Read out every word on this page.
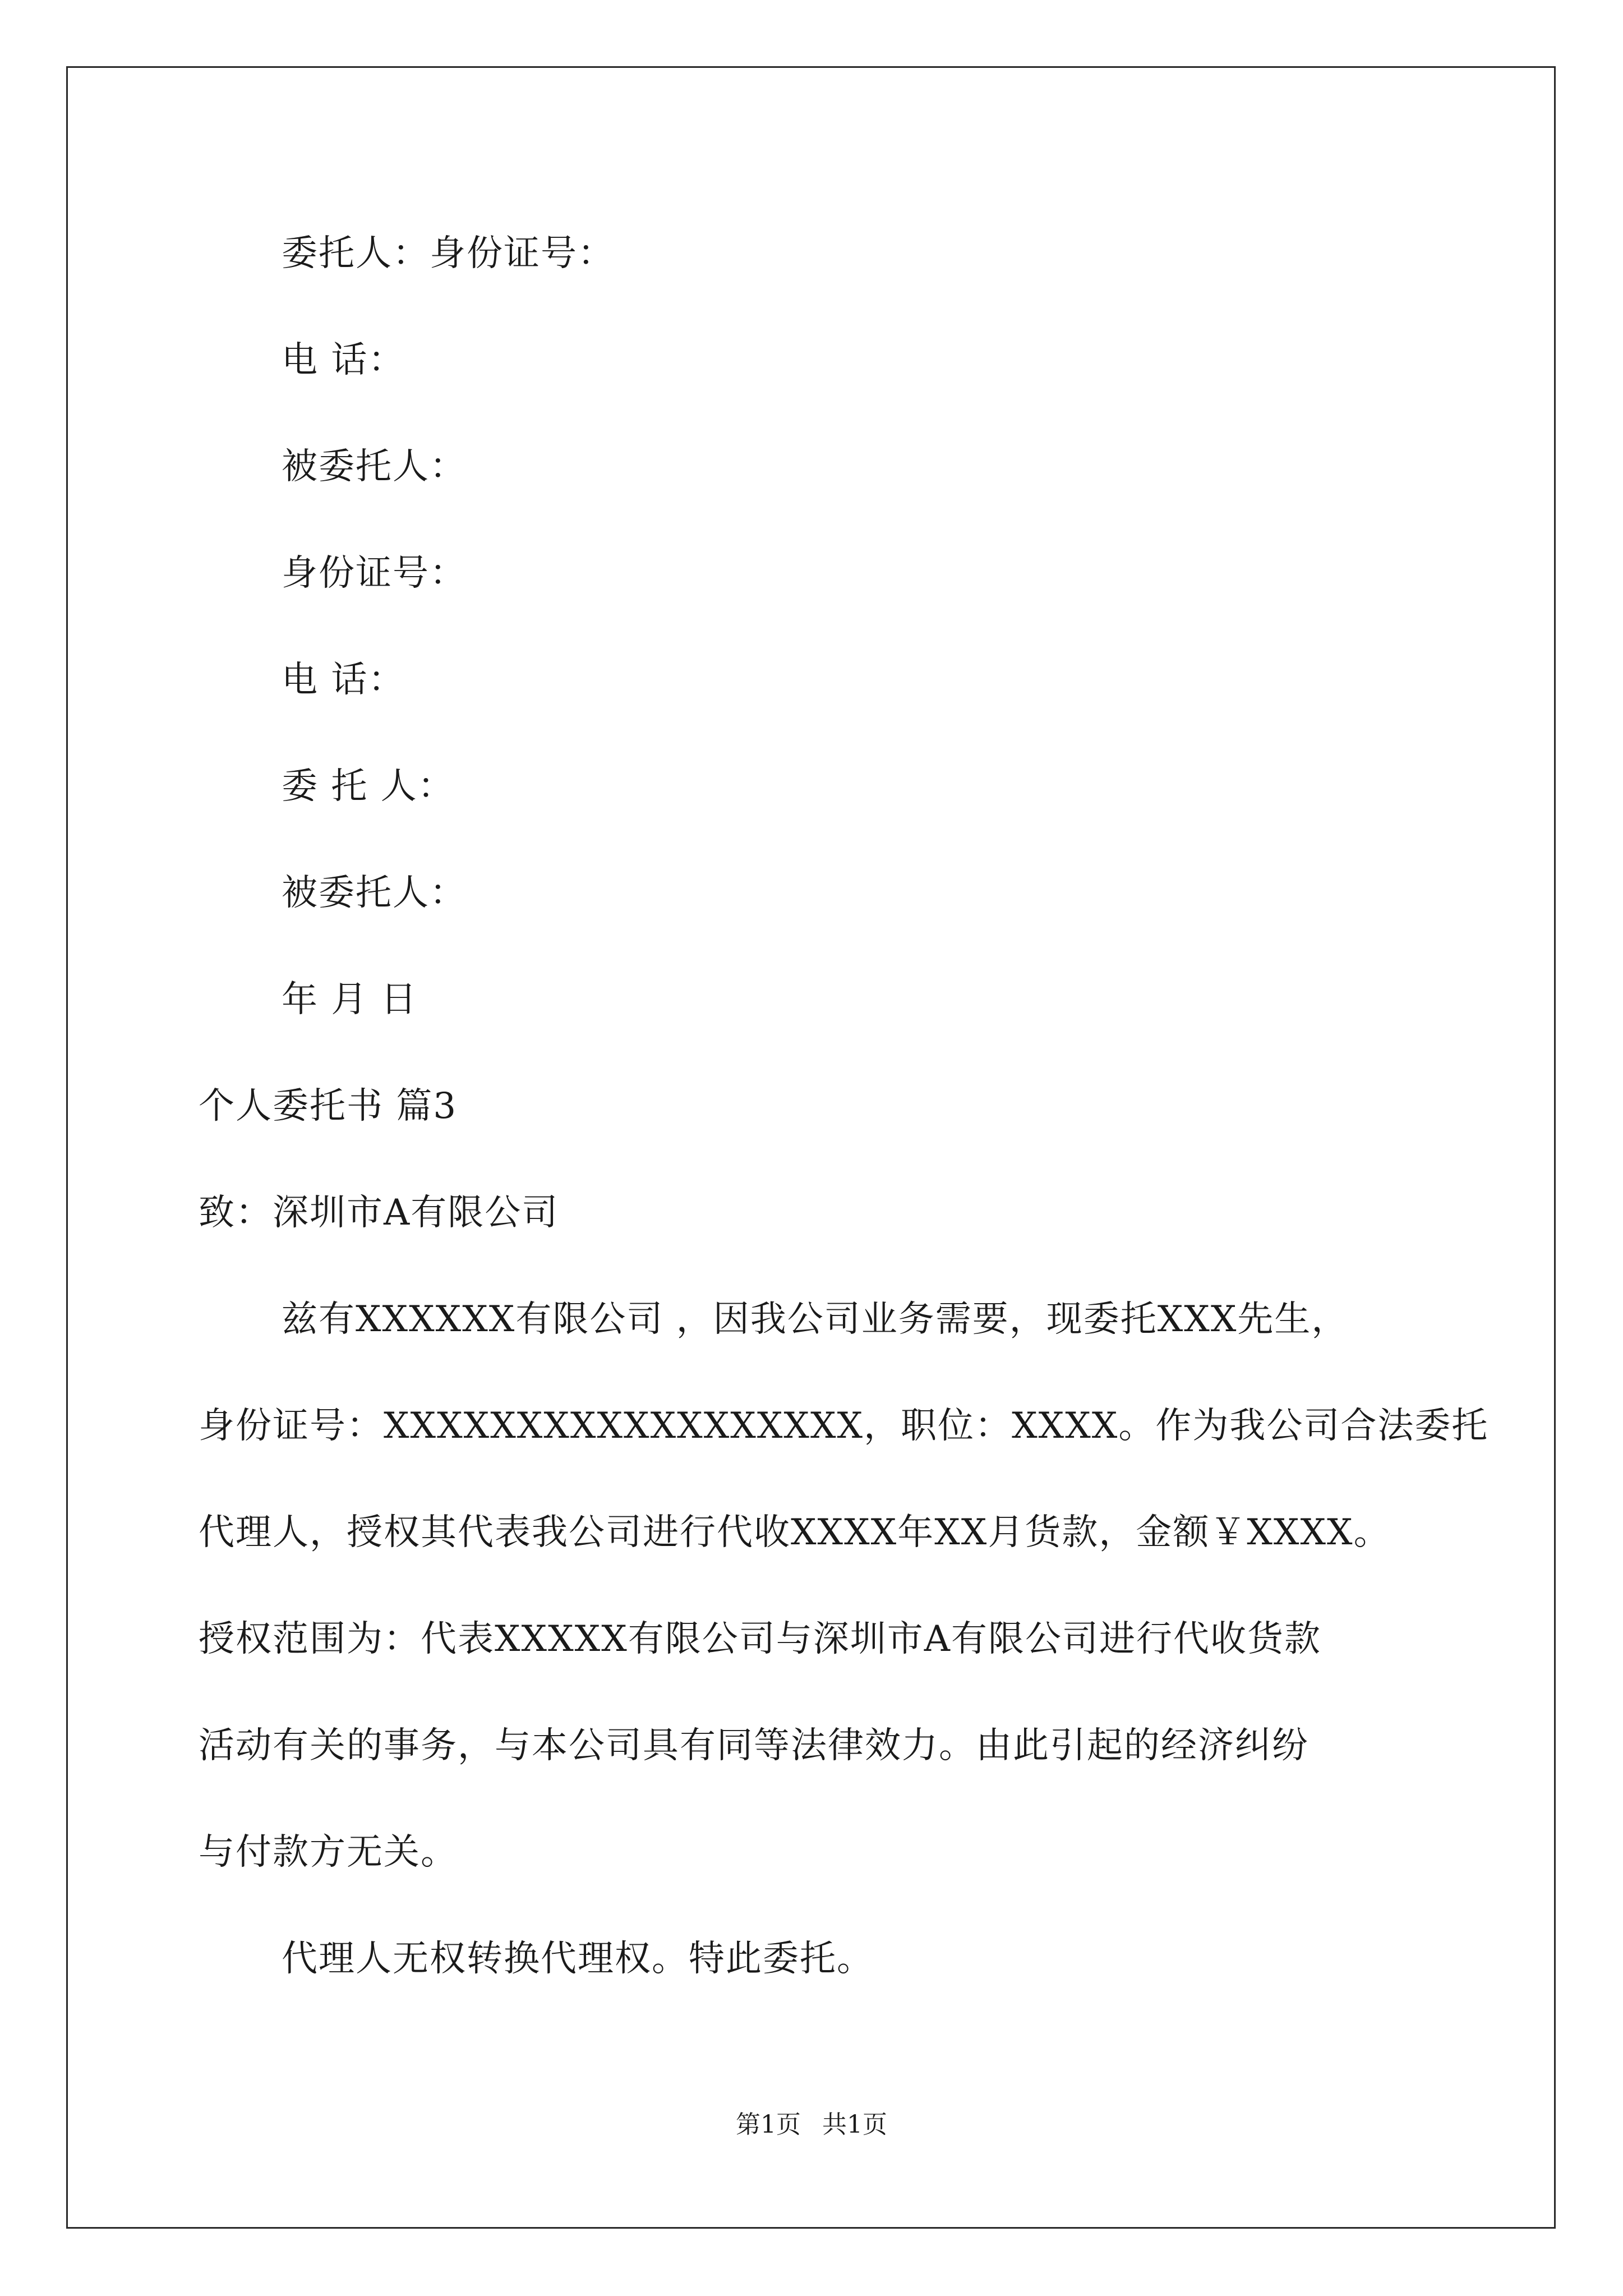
委托人：身份证号：
电 话：
被委托人：
身份证号：
电 话：
委 托 人：
被委托人：
年 月 日
个人委托书 篇3
致：深圳市A有限公司
兹有XXXXXX有限公司 ，因我公司业务需要，现委托XXX先生，
身份证号：XXXXXXXXXXXXXXXXXX，职位：XXXX。作为我公司合法委托
代理人，授权其代表我公司进行代收XXXX年XX月货款，金额￥XXXX。
授权范围为：代表XXXXX有限公司与深圳市A有限公司进行代收货款
活动有关的事务，与本公司具有同等法律效力。由此引起的经济纠纷
与付款方无关。
代理人无权转换代理权。特此委托。
第1页 共1页
